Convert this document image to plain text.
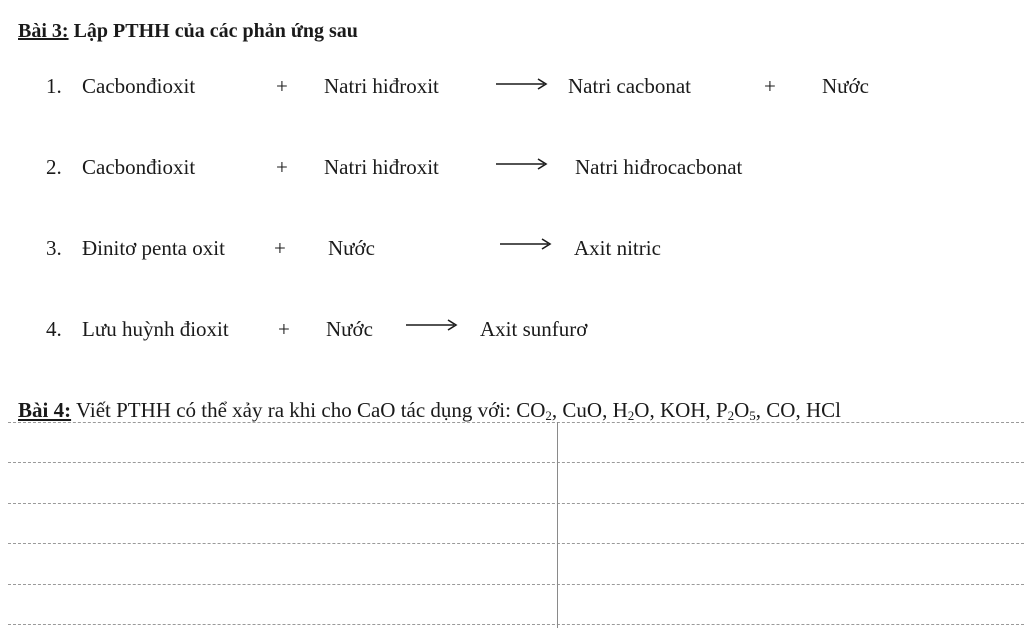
Bài 3: Lập PTHH của các phản ứng sau
1. Cacbonđioxit	+ Natri hiđroxit	→ Natri cacbonat	+ Nước
2. Cacbonđioxit	+ Natri hiđroxit	Natri hiđrocacbonat
3. Đinitơ penta oxit + Nước	→ Axit nitric
4. Lưu huỳnh đioxit + Nước → Axit sunfurơ
Bài 4: Viết PTHH có thể xảy ra khi cho CaO tác dụng với: $CO_2$, CuO, $H_2O$, KOH, $P_2O_5$, CO, HCl
